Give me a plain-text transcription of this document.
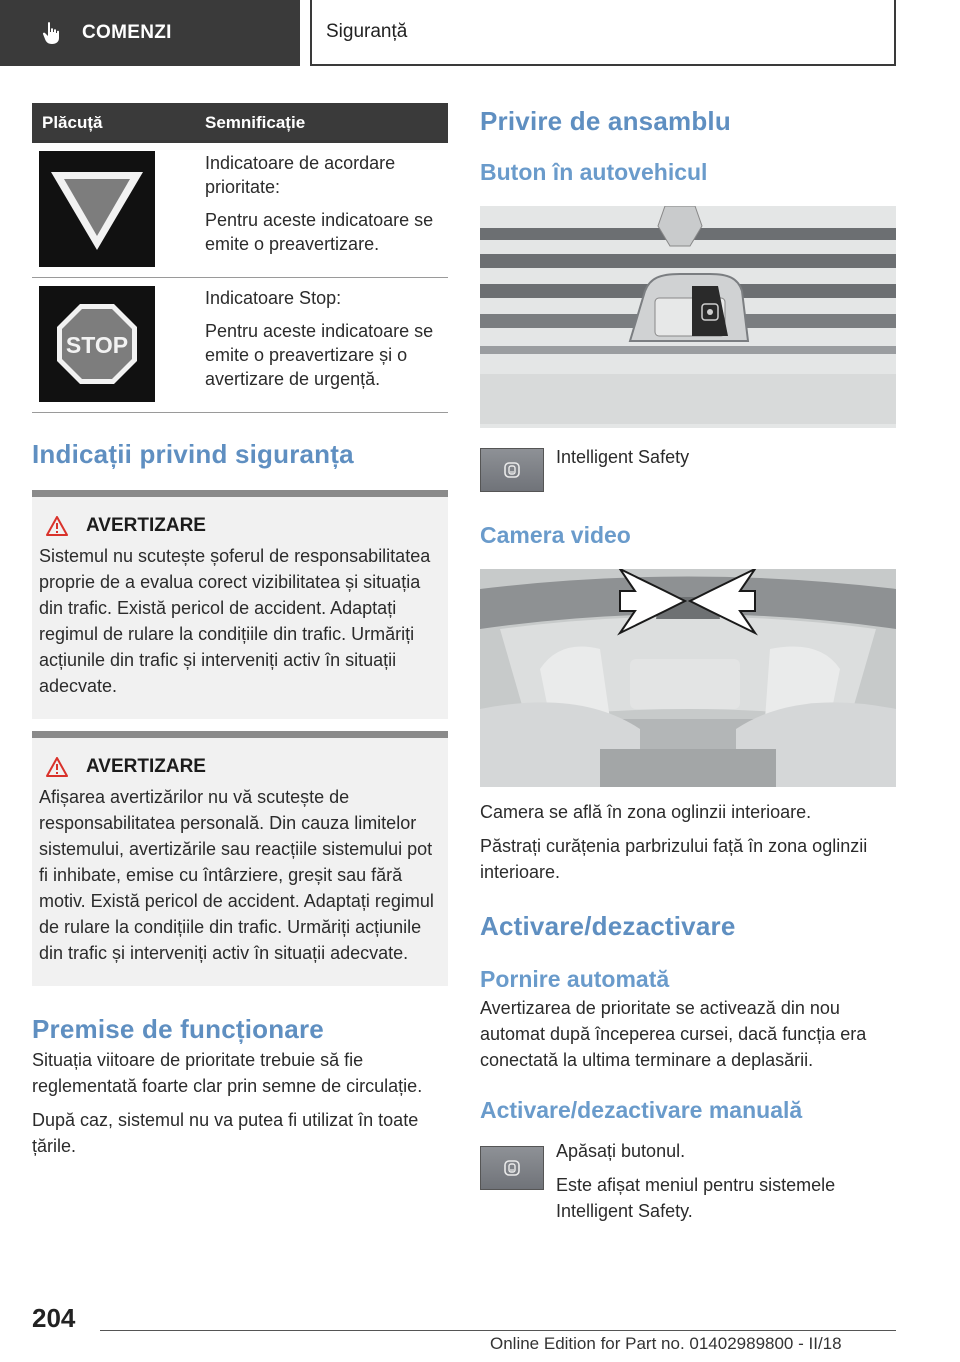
COMENZI	Siguranță
Plăcuță	Semnificație

Indicatoare de acordare prioritate:

Pentru aceste indicatoare se emite o preavertizare.

STOP

Indicatoare Stop:

Pentru aceste indicatoare se emite o preavertizare și o avertizare de urgență.

Indicații privind siguranța
AVERTIZARE

Sistemul nu scutește șoferul de responsabilitatea proprie de a evalua corect vizibilitatea și situația din trafic. Există pericol de accident. Adaptați regimul de rulare la condițiile din trafic. Urmăriți acțiunile din trafic și interveniți activ în situații adecvate.

AVERTIZARE

Afișarea avertizărilor nu vă scutește de responsabilitatea personală. Din cauza limitelor sistemului, avertizările sau reacțiile sistemului pot fi inhibate, emise cu întârziere, greșit sau fără motiv. Există pericol de accident. Adaptați regimul de rulare la condițiile din trafic. Urmăriți acțiunile din trafic și interveniți activ în situații adecvate.

Premise de funcționare

Situația viitoare de prioritate trebuie să fie reglementată foarte clar prin semne de circulație.

După caz, sistemul nu va putea fi utilizat în toate țările.

Privire de ansamblu
Buton în autovehicul

Intelligent Safety

Camera video

Camera se află în zona oglinzii interioare.

Păstrați curățenia parbrizului față în zona oglinzii interioare.

Activare/dezactivare
Pornire automată

Avertizarea de prioritate se activează din nou automat după începerea cursei, dacă funcția era conectată la ultima terminare a deplasării.

Activare/dezactivare manuală

Apăsați butonul.

Este afișat meniul pentru sistemele Intelligent Safety.

204
Online Edition for Part no. 01402989800 - II/18
